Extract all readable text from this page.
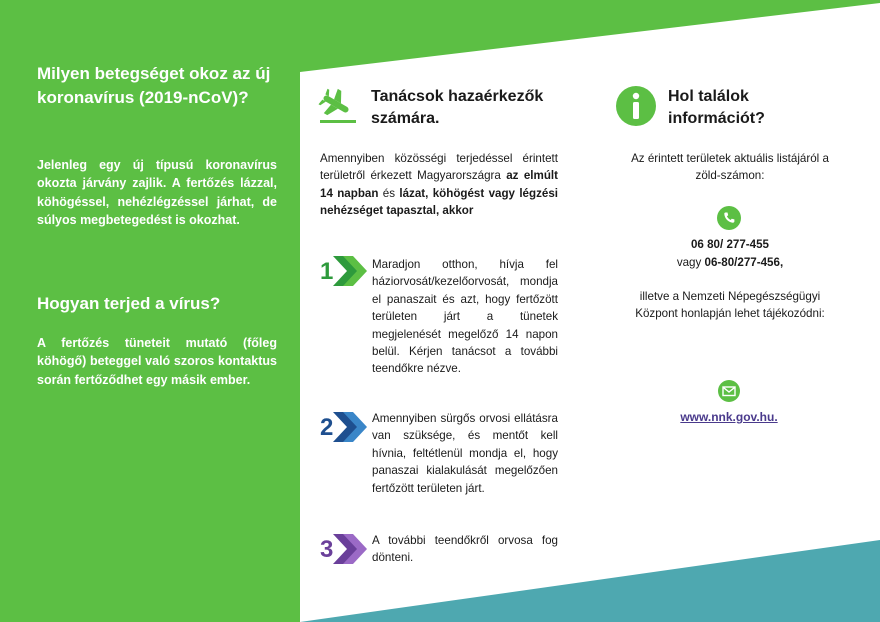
Milyen betegséget okoz az új koronavírus (2019-nCoV)?

Jelenleg egy új típusú koronavírus okozta járvány zajlik. A fertőzés lázzal, köhögéssel, nehézlégzéssel járhat, de súlyos megbetegedést is okozhat.

Hogyan terjed a vírus?

A fertőzés tüneteit mutató (főleg köhögő) beteggel való szoros kontaktus során fertőződhet egy másik ember.

Tanácsok hazaérkezők számára.

Amennyiben közösségi terjedéssel érintett területről érkezett Magyarországra az elmúlt 14 napban és lázat, köhögést vagy légzési nehézséget tapasztal, akkor

1	Maradjon otthon, hívja fel háziorvosát/kezelőorvosát, mondja el panaszait és azt, hogy fertőzött területen járt a tünetek megjelenését megelőző 14 napon belül. Kérjen tanácsot a további teendőkre nézve.

2	Amennyiben sürgős orvosi ellátásra van szüksége, és mentőt kell hívnia, feltétlenül mondja el, hogy panaszai kialakulását megelőzően fertőzött területen járt.

3	A további teendőkről orvosa fog dönteni.

Hol találok információt?

Az érintett területek aktuális listájáról a zöld-számon:

06 80/ 277-455

vagy 06-80/277-456,

illetve a Nemzeti Népegészségügyi Központ honlapján lehet tájékozódni:

www.nnk.gov.hu.
